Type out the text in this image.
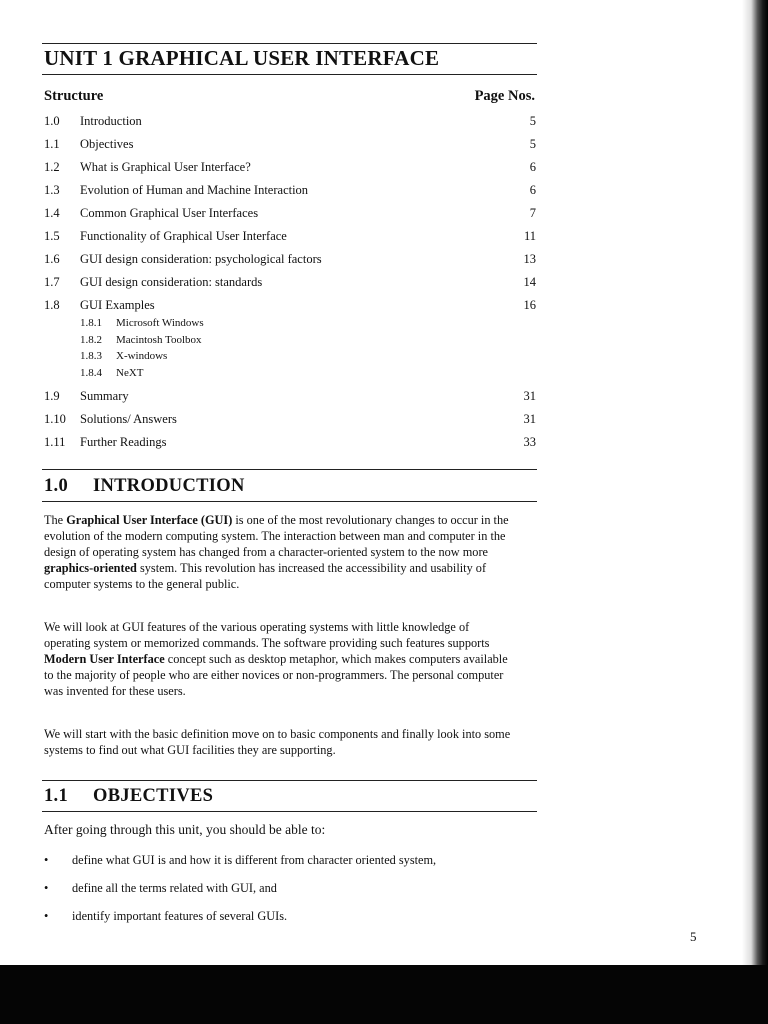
UNIT 1 GRAPHICAL USER INTERFACE
Structure	Page Nos.
1.0 Introduction	5
1.1 Objectives	5
1.2 What is Graphical User Interface?	6
1.3 Evolution of Human and Machine Interaction	6
1.4 Common Graphical User Interfaces	7
1.5 Functionality of Graphical User Interface	11
1.6 GUI design consideration: psychological factors	13
1.7 GUI design consideration: standards	14
1.8 GUI Examples	16
1.8.1 Microsoft Windows
1.8.2 Macintosh Toolbox
1.8.3 X-windows
1.8.4 NeXT
1.9 Summary	31
1.10 Solutions/ Answers	31
1.11 Further Readings	33
1.0 INTRODUCTION

The Graphical User Interface (GUI) is one of the most revolutionary changes to occur in the evolution of the modern computing system. The interaction between man and computer in the design of operating system has changed from a character-oriented system to the now more graphics-oriented system. This revolution has increased the accessibility and usability of computer systems to the general public.

We will look at GUI features of the various operating systems with little knowledge of operating system or memorized commands. The software providing such features supports Modern User Interface concept such as desktop metaphor, which makes computers available to the majority of people who are either novices or non-programmers. The personal computer was invented for these users.

We will start with the basic definition move on to basic components and finally look into some systems to find out what GUI facilities they are supporting.

1.1 OBJECTIVES
After going through this unit, you should be able to:
• define what GUI is and how it is different from character oriented system,
• define all the terms related with GUI, and
• identify important features of several GUIs.
5
